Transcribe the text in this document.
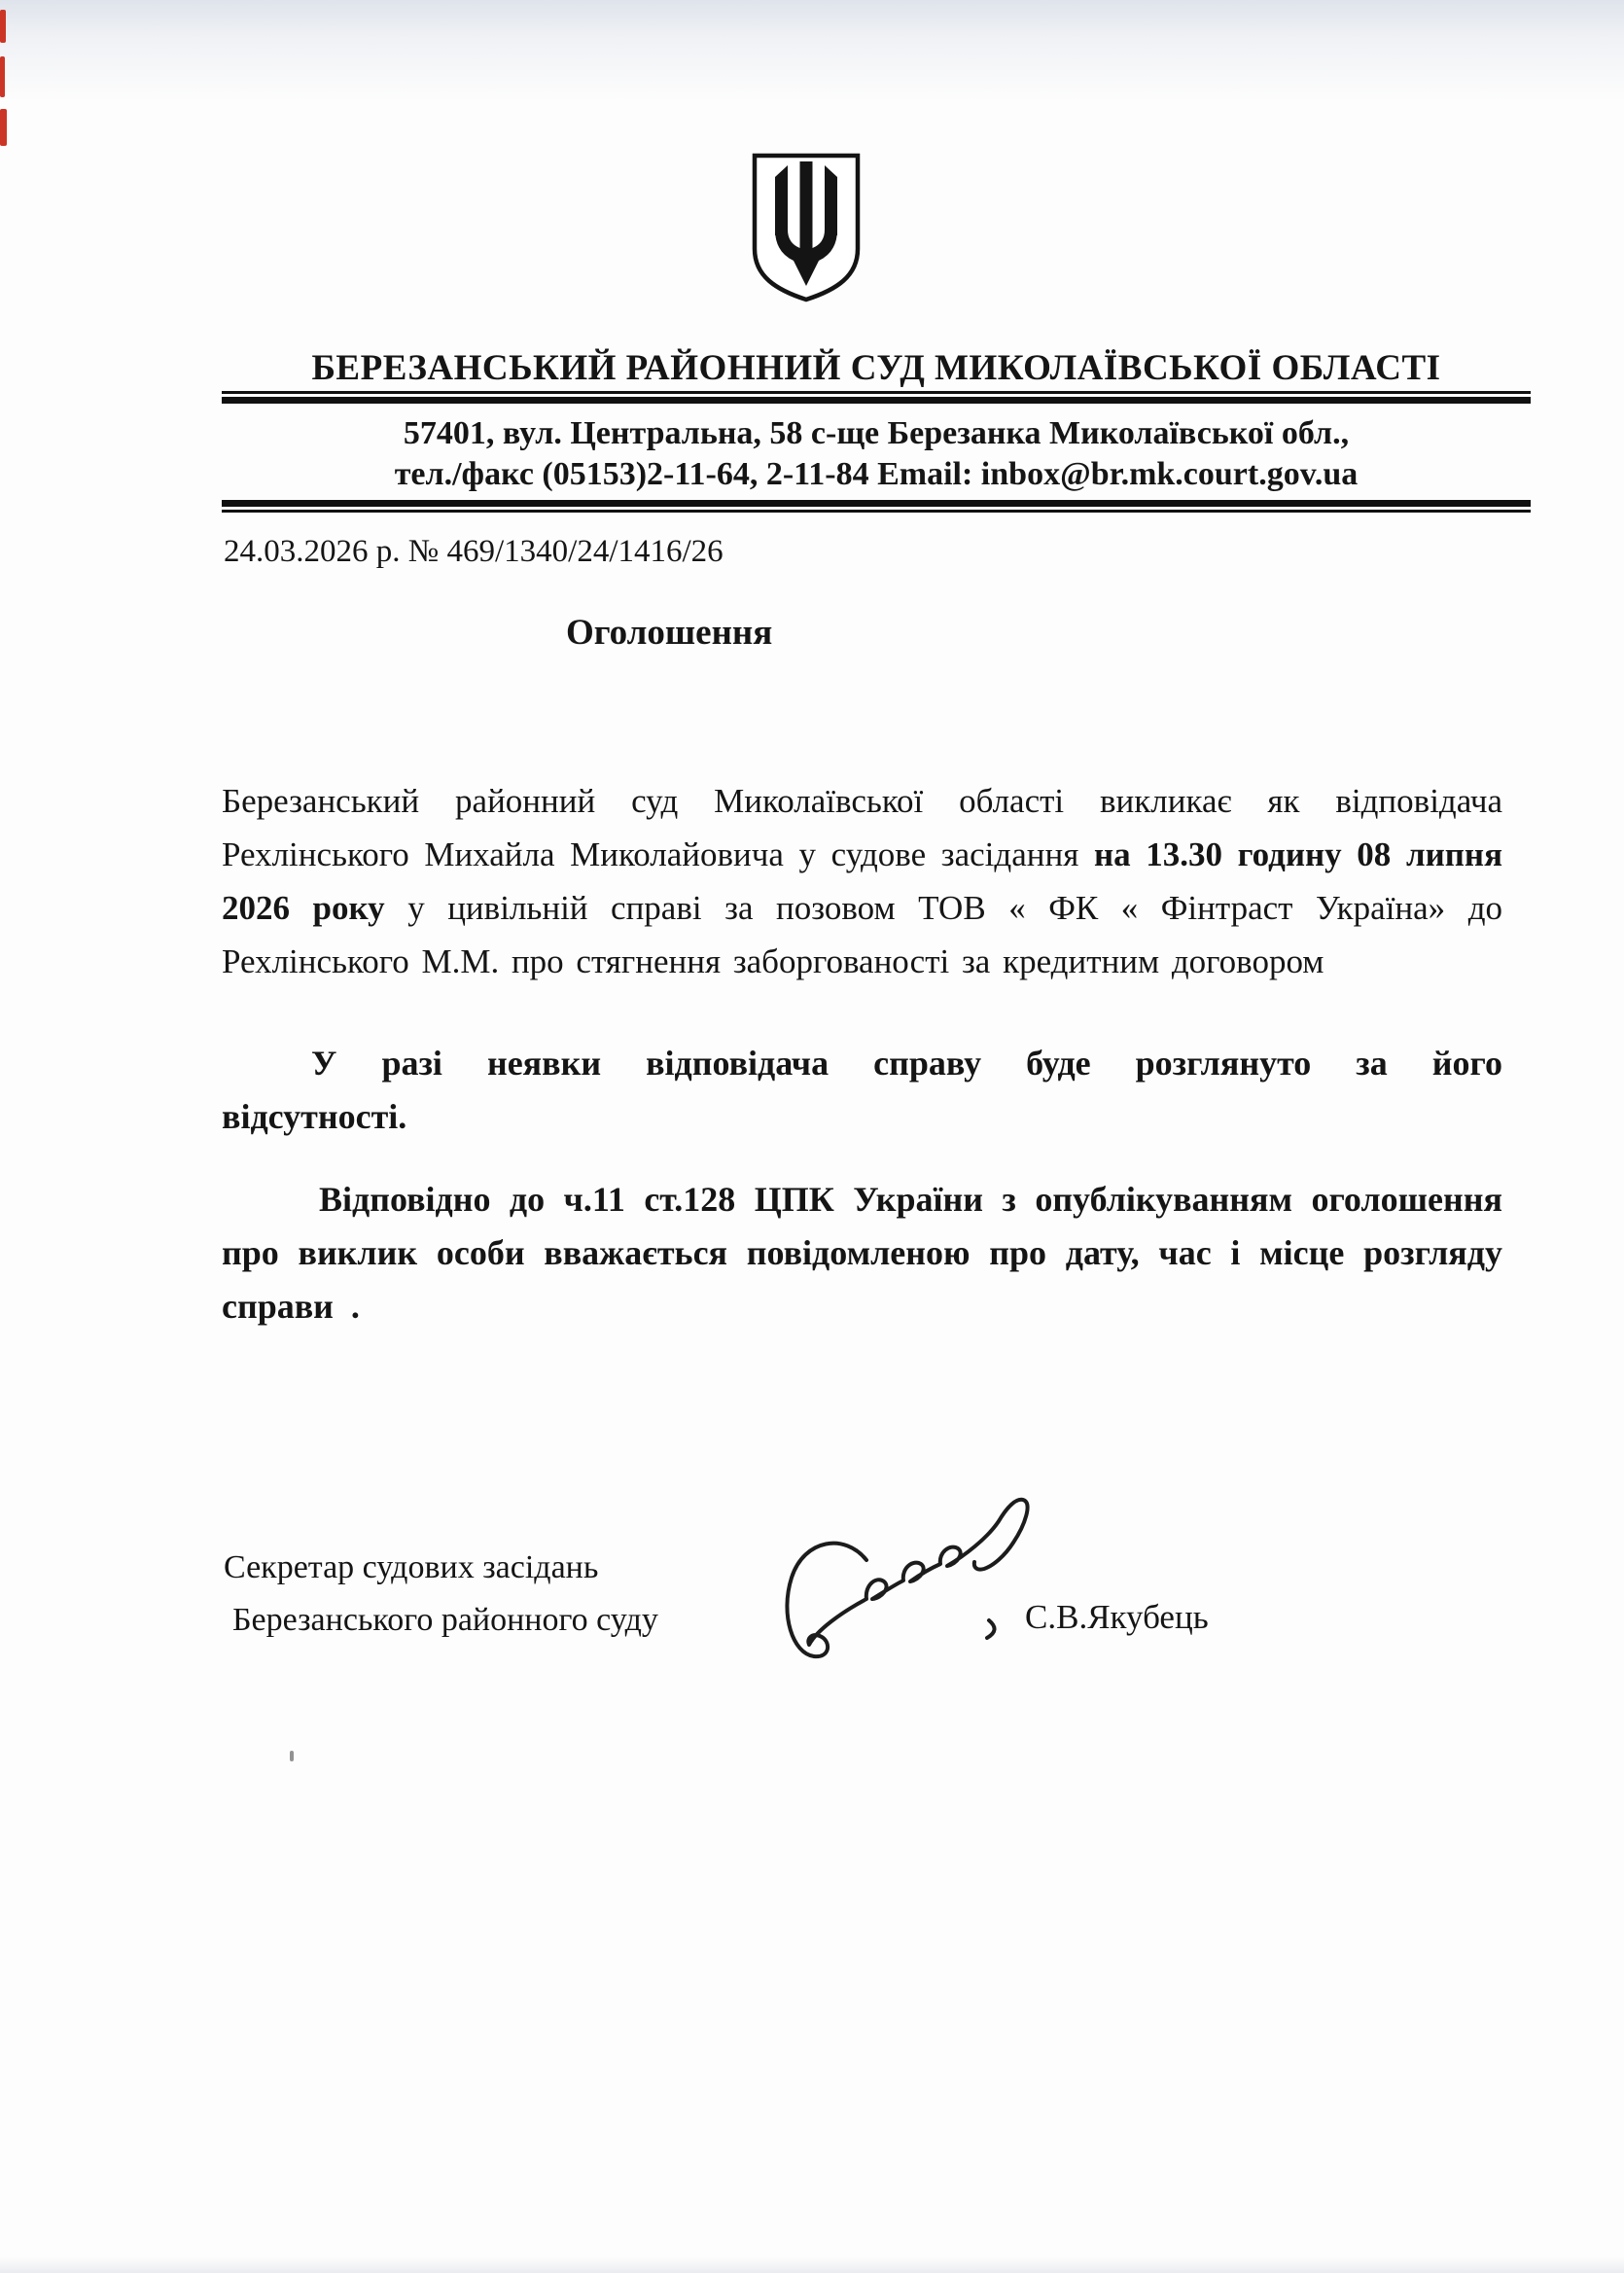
БЕРЕЗАНСЬКИЙ РАЙОННИЙ СУД МИКОЛАЇВСЬКОЇ ОБЛАСТІ
57401, вул. Центральна, 58 с-ще Березанка Миколаївської обл.,
тел./факс (05153)2-11-64, 2-11-84 Email: inbox@br.mk.court.gov.ua
24.03.2026 р. № 469/1340/24/1416/26
Оголошення

Березанський районний суд Миколаївської області викликає як відповідача Рехлінського Михайла Миколайовича у судове засідання на 13.30 годину 08 липня 2026 року у цивільній справі за позовом ТОВ « ФК « Фінтраст Україна» до Рехлінського М.М. про стягнення заборгованості за кредитним договором

У разі неявки відповідача справу буде розглянуто за його відсутності.

Відповідно до ч.11 ст.128 ЦПК України з опублікуванням оголошення про виклик особи вважається повідомленою про дату, час і місце розгляду справи .

Секретар судових засідань
Березанського районного суду	С.В.Якубець
